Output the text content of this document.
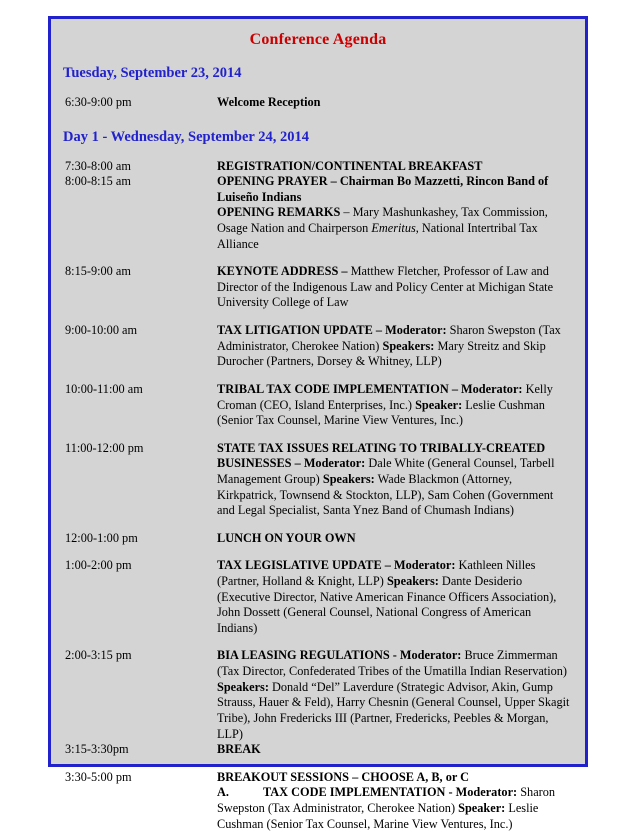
Conference Agenda
Tuesday, September 23, 2014
6:30-9:00 pm	Welcome Reception
Day 1 - Wednesday, September 24, 2014
7:30-8:00 am	REGISTRATION/CONTINENTAL BREAKFAST
8:00-8:15 am	OPENING PRAYER – Chairman Bo Mazzetti, Rincon Band of Luiseño Indians
OPENING REMARKS – Mary Mashunkashey, Tax Commission, Osage Nation and Chairperson Emeritus, National Intertribal Tax Alliance
8:15-9:00 am	KEYNOTE ADDRESS – Matthew Fletcher, Professor of Law and Director of the Indigenous Law and Policy Center at Michigan State University College of Law
9:00-10:00 am	TAX LITIGATION UPDATE – Moderator: Sharon Swepston (Tax Administrator, Cherokee Nation) Speakers: Mary Streitz and Skip Durocher (Partners, Dorsey & Whitney, LLP)
10:00-11:00 am	TRIBAL TAX CODE IMPLEMENTATION – Moderator: Kelly Croman (CEO, Island Enterprises, Inc.) Speaker: Leslie Cushman (Senior Tax Counsel, Marine View Ventures, Inc.)
11:00-12:00 pm	STATE TAX ISSUES RELATING TO TRIBALLY-CREATED BUSINESSES – Moderator: Dale White (General Counsel, Tarbell Management Group) Speakers: Wade Blackmon (Attorney, Kirkpatrick, Townsend & Stockton, LLP), Sam Cohen (Government and Legal Specialist, Santa Ynez Band of Chumash Indians)
12:00-1:00 pm	LUNCH ON YOUR OWN
1:00-2:00 pm	TAX LEGISLATIVE UPDATE – Moderator: Kathleen Nilles (Partner, Holland & Knight, LLP) Speakers: Dante Desiderio (Executive Director, Native American Finance Officers Association), John Dossett (General Counsel, National Congress of American Indians)
2:00-3:15 pm	BIA LEASING REGULATIONS - Moderator: Bruce Zimmerman (Tax Director, Confederated Tribes of the Umatilla Indian Reservation) Speakers: Donald “Del” Laverdure (Strategic Advisor, Akin, Gump Strauss, Hauer & Feld), Harry Chesnin (General Counsel, Upper Skagit Tribe), John Fredericks III (Partner, Fredericks, Peebles & Morgan, LLP)
3:15-3:30pm	BREAK
3:30-5:00 pm	BREAKOUT SESSIONS – CHOOSE A, B, or C
A.	TAX CODE IMPLEMENTATION - Moderator: Sharon Swepston (Tax Administrator, Cherokee Nation) Speaker: Leslie Cushman (Senior Tax Counsel, Marine View Ventures, Inc.)
